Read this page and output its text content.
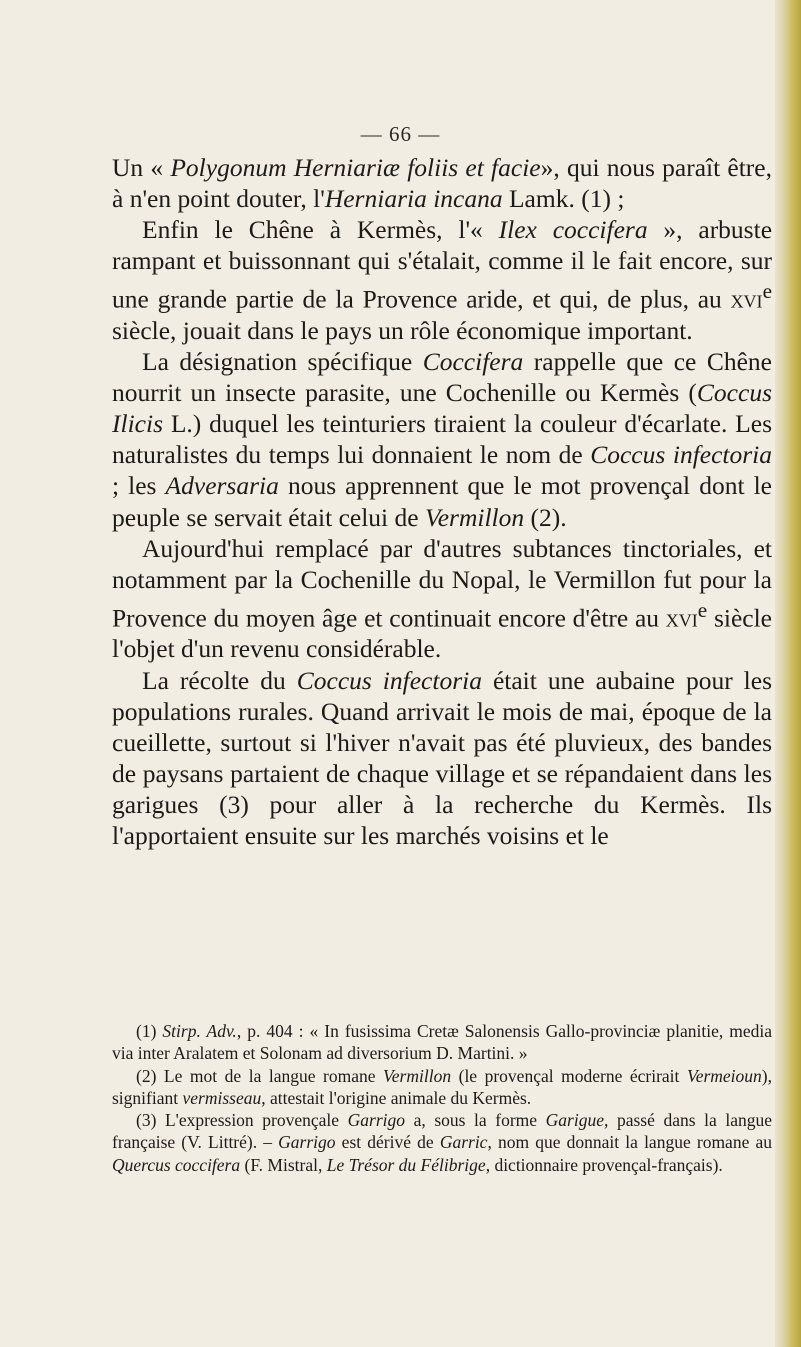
— 66 —

Un « Polygonum Herniariæ foliis et facie», qui nous paraît être, à n'en point douter, l'Herniaria incana Lamk. (1) ;

Enfin le Chêne à Kermès, l'« Ilex coccifera », arbuste rampant et buissonnant qui s'étalait, comme il le fait encore, sur une grande partie de la Provence aride, et qui, de plus, au xvi$^e$ siècle, jouait dans le pays un rôle économique important.

La désignation spécifique Coccifera rappelle que ce Chêne nourrit un insecte parasite, une Cochenille ou Kermès (Coccus Ilicis L.) duquel les teinturiers tiraient la couleur d'écarlate. Les naturalistes du temps lui donnaient le nom de Coccus infectoria ; les Adversaria nous apprennent que le mot provençal dont le peuple se servait était celui de Vermillon (2).

Aujourd'hui remplacé par d'autres subtances tinctoriales, et notamment par la Cochenille du Nopal, le Vermillon fut pour la Provence du moyen âge et continuait encore d'être au xvi$^e$ siècle l'objet d'un revenu considérable.

La récolte du Coccus infectoria était une aubaine pour les populations rurales. Quand arrivait le mois de mai, époque de la cueillette, surtout si l'hiver n'avait pas été pluvieux, des bandes de paysans partaient de chaque village et se répandaient dans les garigues (3) pour aller à la recherche du Kermès. Ils l'apportaient ensuite sur les marchés voisins et le

(1) Stirp. Adv., p. 404 : « In fusissima Cretæ Salonensis Gallo-provinciæ planitie, media via inter Aralatem et Solonam ad diversorium D. Martini. »

(2) Le mot de la langue romane Vermillon (le provençal moderne écrirait Vermeioun), signifiant vermisseau, attestait l'origine animale du Kermès.

(3) L'expression provençale Garrigo a, sous la forme Garigue, passé dans la langue française (V. Littré). – Garrigo est dérivé de Garric, nom que donnait la langue romane au Quercus coccifera (F. Mistral, Le Trésor du Félibrige, dictionnaire provençal-français).
